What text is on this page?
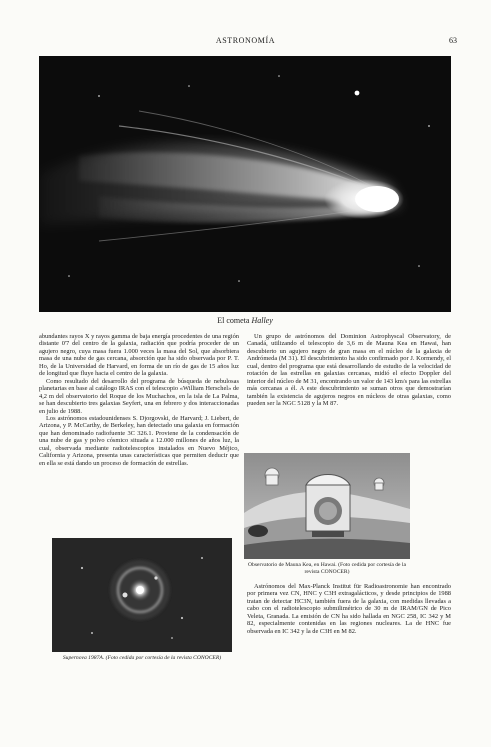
ASTRONOMÍA	63
El cometa Halley

abundantes rayos X y rayos gamma de baja energía procedentes de una región distante 0'7 del centro de la galaxia, radiación que podría proceder de un agujero negro, cuya masa fuera 1.000 veces la masa del Sol, que absorbiera masa de una nube de gas cercana, absorción que ha sido observada por P. T. Ho, de la Universidad de Harvard, en forma de un río de gas de 15 años luz de longitud que fluye hacia el centro de la galaxia.

Como resultado del desarrollo del programa de búsqueda de nebulosas planetarias en base al catálogo IRAS con el telescopio «William Herschel» de 4,2 m del observatorio del Roque de los Muchachos, en la isla de La Palma, se han descubierto tres galaxias Seyfert, una en febrero y dos interaccionadas en julio de 1988.

Los astrónomos estadounidenses S. Djorgovski, de Harvard; J. Liebert, de Arizona, y P. McCarthy, de Berkeley, han detectado una galaxia en formación que han denominado radiofuente 3C 326.1. Proviene de la condensación de una nube de gas y polvo cósmico situada a 12.000 millones de años luz, la cual, observada mediante radiotelescopios instalados en Nuevo Méjico, California y Arizona, presenta unas características que permiten deducir que en ella se está dando un proceso de formación de estrellas.

Supernova 1987A. (Foto cedida por cortesía de la revista CONOCER)

Un grupo de astrónomos del Dominion Astrophyscal Observatory, de Canadá, utilizando el telescopio de 3,6 m de Mauna Kea en Hawai, han descubierto un agujero negro de gran masa en el núcleo de la galaxia de Andrómeda (M 31). El descubrimiento ha sido confirmado por J. Kormendy, el cual, dentro del programa que está desarrollando de estudio de la velocidad de rotación de las estrellas en galaxias cercanas, midió el efecto Doppler del interior del núcleo de M 31, encontrando un valor de 143 km/s para las estrellas más cercanas a él. A este descubrimiento se suman otros que demostrarían también la existencia de agujeros negros en núcleos de otras galaxias, como pueden ser la NGC 5128 y la M 87.

Observatorio de Mauna Kea, en Hawai. (Foto cedida por cortesía de la revista CONOCER)

Astrónomos del Max-Planck Institut für Radioastronomie han encontrado por primera vez CN, HNC y C3H extragalácticos, y desde principios de 1988 tratan de detectar HC3N, también fuera de la galaxia, con medidas llevadas a cabo con el radiotelescopio submilimétrico de 30 m de IRAM/GN de Pico Veleta, Granada. La emisión de CN ha sido hallada en NGC 258, IC 342 y M 82, especialmente contenidas en las regiones nucleares. La de HNC fue observada en IC 342 y la de C3H en M 82.
